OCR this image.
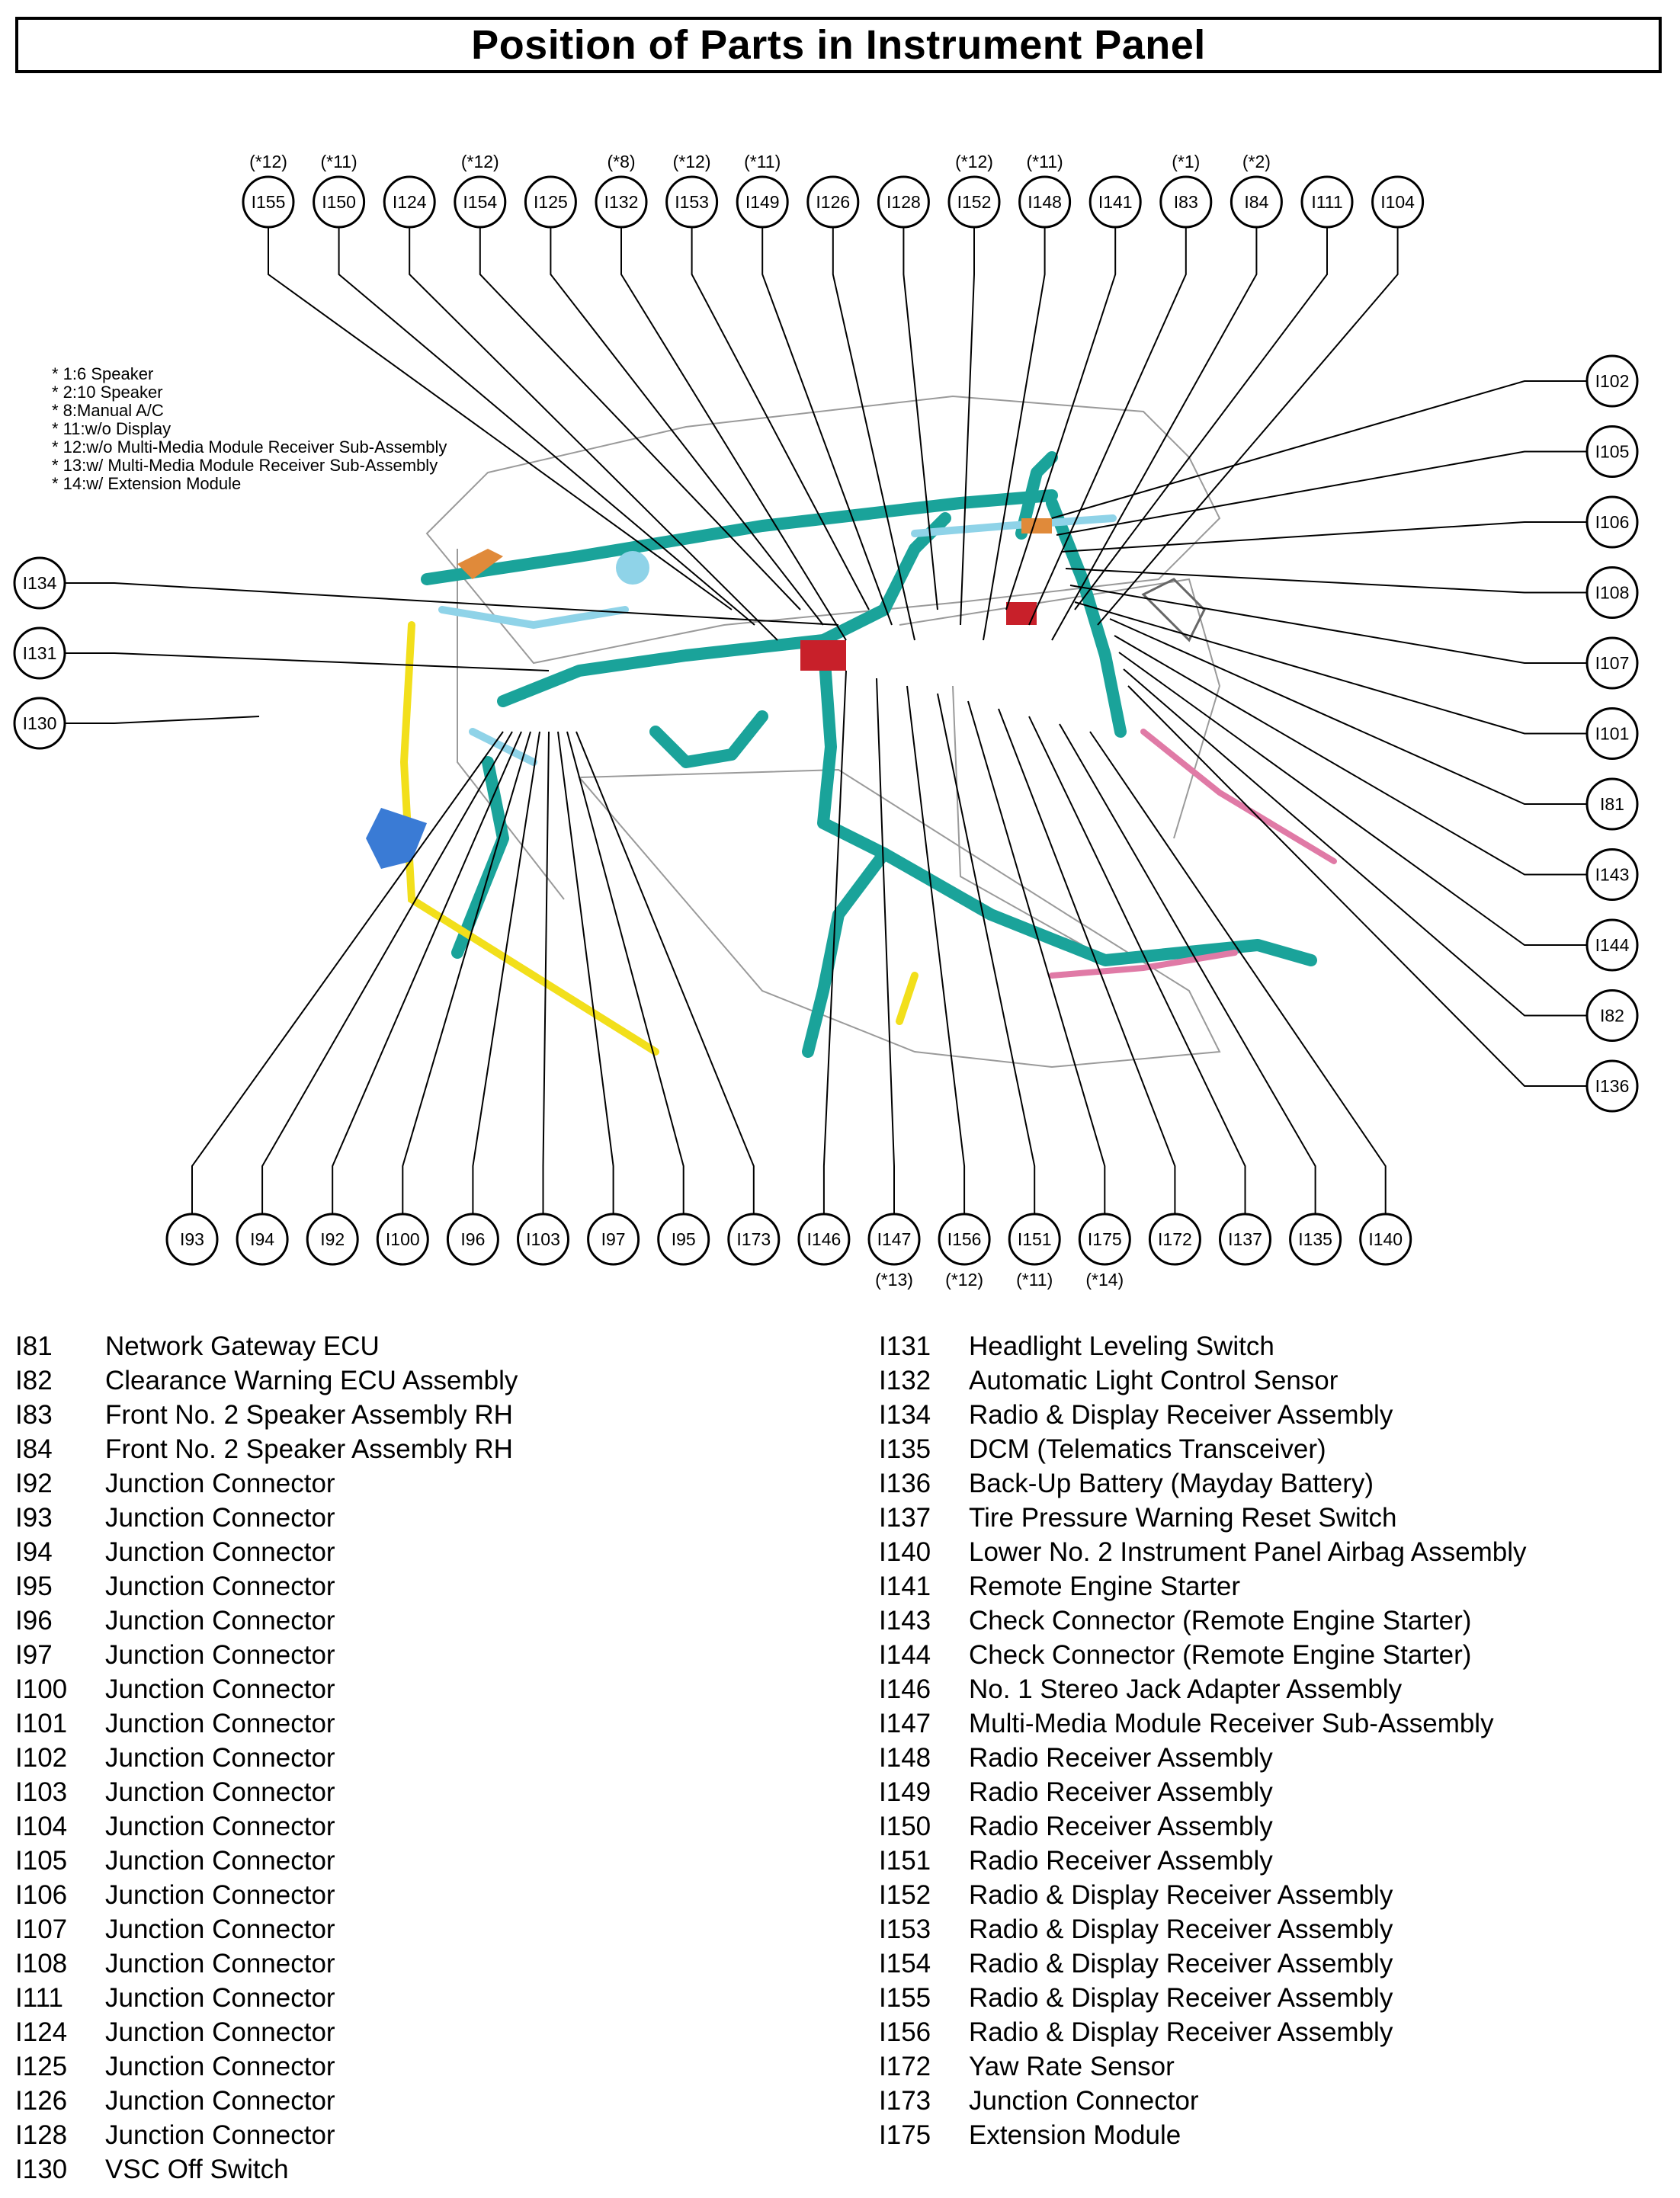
Position of Parts in Instrument Panel
* 1:6 Speaker
* 2:10 Speaker
* 8:Manual A/C
* 11:w/o Display
* 12:w/o Multi-Media Module Receiver Sub-Assembly
* 13:w/ Multi-Media Module Receiver Sub-Assembly
* 14:w/ Extension Module
I155
(*12)
I150
(*11)
I124 I154
(*12)
I125 I132
(*8)
I153
(*12)
I149
(*11)
I126 I128 I152
(*12)
I148
(*11)
I141 I83
(*1)
I84
(*2)
I111 I104
I102
I105
I106
I108
I107
I101
I81
I143
I144
I82
I136
I134
I131
I130
I93	I94	I92 I100 I96 I103 I97	I95 I173 I146 I147
(*13)
I156
(*12)
I151
(*11)
I175
(*14)
I172 I137 I135 I140
I81	Network Gateway ECU
I82	Clearance Warning ECU Assembly
I83	Front No. 2 Speaker Assembly RH
I84	Front No. 2 Speaker Assembly RH
I92	Junction Connector
I93	Junction Connector
I94	Junction Connector
I95	Junction Connector
I96	Junction Connector
I97	Junction Connector
I100	Junction Connector
I101	Junction Connector
I102	Junction Connector
I103	Junction Connector
I104	Junction Connector
I105	Junction Connector
I106	Junction Connector
I107	Junction Connector
I108	Junction Connector
I111	Junction Connector
I124	Junction Connector
I125	Junction Connector
I126	Junction Connector
I128	Junction Connector
I130	VSC Off Switch
I131	Headlight Leveling Switch
I132	Automatic Light Control Sensor
I134	Radio & Display Receiver Assembly
I135	DCM (Telematics Transceiver)
I136	Back-Up Battery (Mayday Battery)
I137	Tire Pressure Warning Reset Switch
I140	Lower No. 2 Instrument Panel Airbag Assembly
I141	Remote Engine Starter
I143	Check Connector (Remote Engine Starter)
I144	Check Connector (Remote Engine Starter)
I146	No. 1 Stereo Jack Adapter Assembly
I147	Multi-Media Module Receiver Sub-Assembly
I148	Radio Receiver Assembly
I149	Radio Receiver Assembly
I150	Radio Receiver Assembly
I151	Radio Receiver Assembly
I152	Radio & Display Receiver Assembly
I153	Radio & Display Receiver Assembly
I154	Radio & Display Receiver Assembly
I155	Radio & Display Receiver Assembly
I156	Radio & Display Receiver Assembly
I172	Yaw Rate Sensor
I173	Junction Connector
I175	Extension Module
